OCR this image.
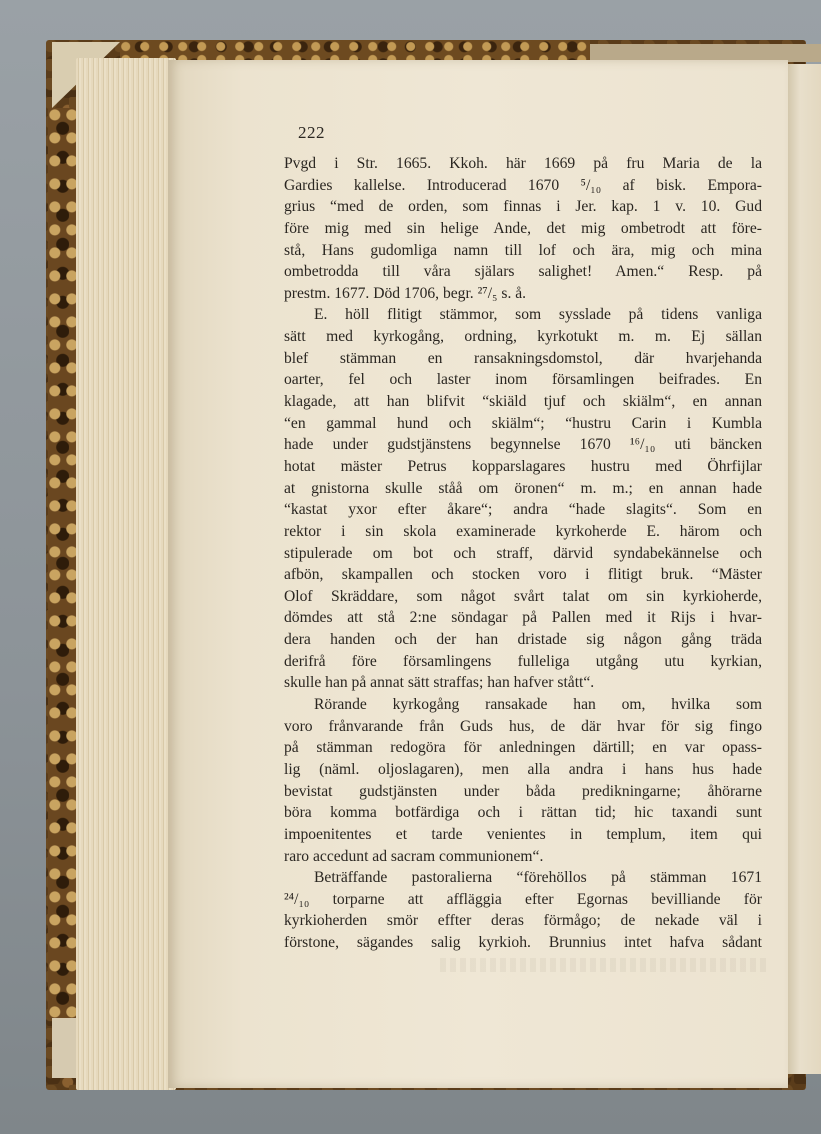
222
Pvgd i Str. 1665. Kkoh. här 1669 på fru Maria de la
Gardies kallelse. Introducerad 1670 ⁵/₁₀ af bisk. Empora-
grius “med de orden, som finnas i Jer. kap. 1 v. 10. Gud
före mig med sin helige Ande, det mig ombetrodt att före-
stå, Hans gudomliga namn till lof och ära, mig och mina
ombetrodda till våra själars salighet! Amen.“ Resp. på
prestm. 1677. Död 1706, begr. ²⁷/₅ s. å.
E. höll flitigt stämmor, som sysslade på tidens vanliga
sätt med kyrkogång, ordning, kyrkotukt m. m. Ej sällan
blef stämman en ransakningsdomstol, där hvarjehanda
oarter, fel och laster inom församlingen beifrades. En
klagade, att han blifvit “skiäld tjuf och skiälm“, en annan
“en gammal hund och skiälm“; “hustru Carin i Kumbla
hade under gudstjänstens begynnelse 1670 ¹⁶/₁₀ uti bäncken
hotat mäster Petrus kopparslagares hustru med Öhrfijlar
at gnistorna skulle ståå om öronen“ m. m.; en annan hade
“kastat yxor efter åkare“; andra “hade slagits“. Som en
rektor i sin skola examinerade kyrkoherde E. härom och
stipulerade om bot och straff, därvid syndabekännelse och
afbön, skampallen och stocken voro i flitigt bruk. “Mäster
Olof Skräddare, som något svårt talat om sin kyrkioherde,
dömdes att stå 2:ne söndagar på Pallen med it Rijs i hvar-
dera handen och der han dristade sig någon gång träda
derifrå före församlingens fulleliga utgång utu kyrkian,
skulle han på annat sätt straffas; han hafver stått“.
Rörande kyrkogång ransakade han om, hvilka som
voro frånvarande från Guds hus, de där hvar för sig fingo
på stämman redogöra för anledningen därtill; en var opass-
lig (näml. oljoslagaren), men alla andra i hans hus hade
bevistat gudstjänsten under båda predikningarne; åhörarne
böra komma botfärdiga och i rättan tid; hic taxandi sunt
impoenitentes et tarde venientes in templum, item qui
raro accedunt ad sacram communionem“.
Beträffande pastoralierna “förehöllos på stämman 1671
²⁴/₁₀ torparne att affläggia efter Egornas bevilliande för
kyrkioherden smör effter deras förmågo; de nekade väl i
förstone, sägandes salig kyrkioh. Brunnius intet hafva sådant
